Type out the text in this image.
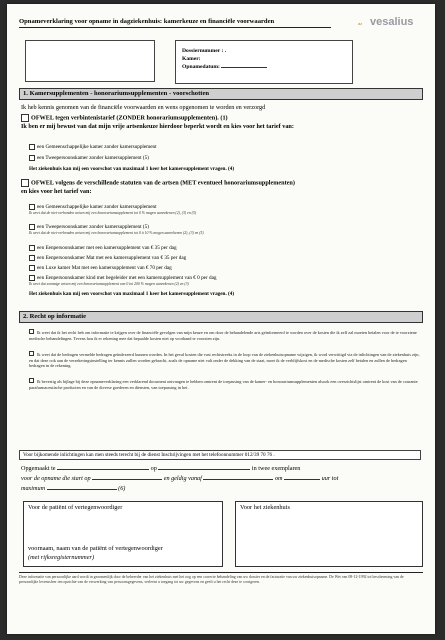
Opnameverklaring voor opname in dagziekenhuis: kamerkeuze en financiële voorwaarden	az vesalius
Dossiernummer : .
Kamer:
Opnamedatum:
1. Kamersupplementen - honorariumsupplementen - voorschotten
Ik heb kennis genomen van de financiële voorwaarden en wens opgenomen te worden en verzorgd
OFWEL tegen verbintenistarief (ZONDER honorariumsupplementen). (1)
Ik ben er mij bewust van dat mijn vrije artsenkeuze hierdoor beperkt wordt en kies voor het tarief van:
een Gemeenschappelijke kamer zonder kamersupplement
een Tweepersoonskamer zonder kamersupplement (5)
Het ziekenhuis kan mij een voorschot van maximaal 1 keer het kamersupplement vragen. (4)
OFWEL volgens de verschillende statuten van de artsen (MET eventueel honorariumsupplementen)
en kies voor het tarief van:
een Gemeenschappelijke kamer zonder kamersupplement
Ik weet dat de niet-verbonden artsen mij een honorariumsupplement tot 0 % mogen aanrekenen (2), (3) en (5)
een Tweepersoonskamer zonder kamersupplement (5)
Ik weet dat de niet-verbonden artsen mij een honorariumsupplement tot 0 à 10 % mogen aanrekenen (2), (3) en (5)
een Eenpersoonskamer met een kamersupplement van € 35 per dag
een Eenpersoonskamer Mat met een kamersupplement van € 35 per dag
een Luxe kamer Mat met een kamersupplement van € 70 per dag
een Eenpersoonskamer kind met begeleider met een kamersupplement van € 0 per dag
Ik weet dat sommige artsen mij een honorariumsupplement van 0 tot 200 % mogen aanrekenen (2) en (3)
Het ziekenhuis kan mij een voorschot van maximaal 1 keer het kamersupplement vragen. (4)
2. Recht op informatie
Ik weet dat ik het recht heb om informatie te krijgen over de financiële gevolgen van mijn keuze en om door de behandelende arts geïnformeerd te worden over de kosten die ik zelf zal moeten betalen voor de te voorziene medische behandelingen. Tevens hou ik er rekening mee dat bepaalde kosten niet op voorhand te voorzien zijn.
Ik weet dat de bedragen vermelde bedragen geïndexeerd kunnen worden. In het geval kosten die vast rechtstreeks in de loop van de ziekenhuisopname wijzigen, ik word verwittigd via de inlichtingen van de ziekenhuis zijn, en dat deze ook aan de verzekeringsinstelling ter kennis zullen worden gebracht, zoals de opname niet valt onder de dekking van de staat, moet ik de verblijfskost en de medische kosten zelf betalen en zullen de bedragen bedragen in de rekening.
Ik bevestig als bijlage bij deze opnameverklaring een verklarend document ontvangen te hebben omtrent de toepassing van de kamer- en honorariumsupplementen alsook een overzichtslijst omtrent de kost van de courante parafarmaceutische producten en van de diverse goederen en diensten, van toepassing in het .
Voor bijkomende inlichtingen kan men steeds terecht bij de dienst Inschrijvingen met het telefoonnummer 012/39 70 76 .
Opgemaakt te	op	in twee exemplaren
voor de opname die start op	en geldig vanaf	om	uur tot
maximum	(6)
Voor de patiënt of vertegenwoordiger
voornaam, naam van de patiënt of vertegenwoordiger
(met rijksregisternummer)
Voor het ziekenhuis
Deze informatie van persoonlijke aard wordt in gezamenlijk door de beheerder van het ziekenhuis met het oog op een correcte behandeling van uw dossier en de facturatie van uw ziekenhuisopname. De Wet van 08-12-1992 tot bescherming van de persoonlijke levenssfeer ten opzichte van de verwerking van persoonsgegevens, verleent u toegang tot uw gegevens en geeft u het recht deze te corrigeren.
